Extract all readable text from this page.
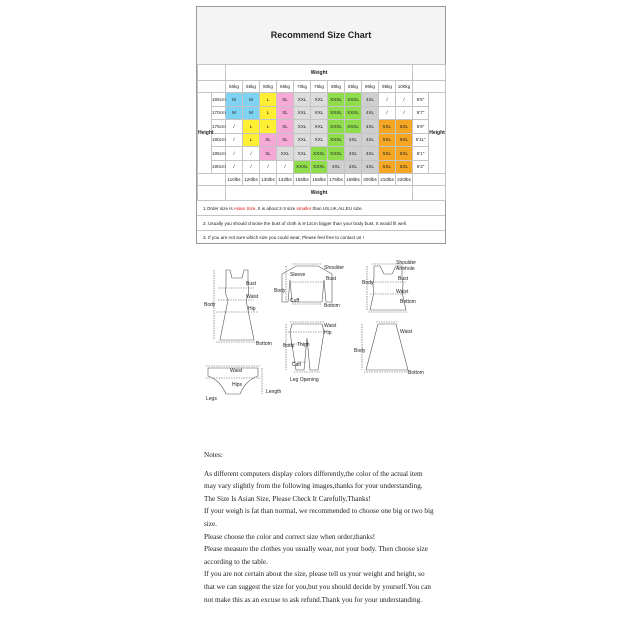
Recommend Size Chart
		Weight												
		50kg	55kg	60kg	65kg	70kg	75kg	80kg	85kg	90kg	95kg	100kg		
Height	165cm	M	M	L	XL	XXL	XXL	XXXL	XXXL	4XL	/	/	5'5"	Height
	170cm	M	M	L	XL	XXL	XXL	XXXL	XXXL	4XL	/	/	5'7"	
	175cm	/	L	L	XL	XXL	XXL	XXXL	XXXL	4XL	5XL	5XL	5'9"	
	180cm	/	L	XL	XL	XXL	XXL	XXXL	4XL	4XL	5XL	5XL	5'11"	
	185cm	/	/	XL	XXL	XXL	XXXL	XXXL	4XL	4XL	5XL	5XL	6'1"	
	190cm	/	/	/	/	XXXL	XXXL	4XL	4XL	4XL	5XL	5XL	6'3"	
		110lbs	120lbs	130lbs	143lbs	155lbs	165lbs	175lbs	188lbs	200lbs	210lbs	220lbs		
		Weight												
1.Order size is Asian Size, It is about 2-3 size smaller than US,UK,AU,EU size.
2. Usually you should choose the bust of cloth is 8-12cm bigger than your body bust, It would fit well.
3. If you are not sure which size you could wear, Please feel free to contact us !
Bust
Waist
Hip
Body
Bottom
Shoulder
Sleeve
Bust
Cuff
Body
Bottom
Shoulder
Armhole
Bust
Body
Waist
Bottom
Waist
Hip
Body Thigh
Calf
Leg Opening
Waist
Body
Bottom
Waist
Hips
Legs
Length

Notes:

As different computers display colors differently,the color of the actual item may vary slightly from the following images,thanks for your understanding.

The Size Is Asian Size, Please Check It Carefully,Thanks!

If your weigh is fat than normal, we recommended to choose one big or two big size.

Please choose the color and correct size when order,thanks!

Please measure the clothes you usually wear, not your body. Then choose size according to the table.

If you are not certain about the size, please tell us your weight and height, so that we can suggest the size for you,but you should decide by yourself.You can not make this as an excuse to ask refund.Thank you for your understanding.
